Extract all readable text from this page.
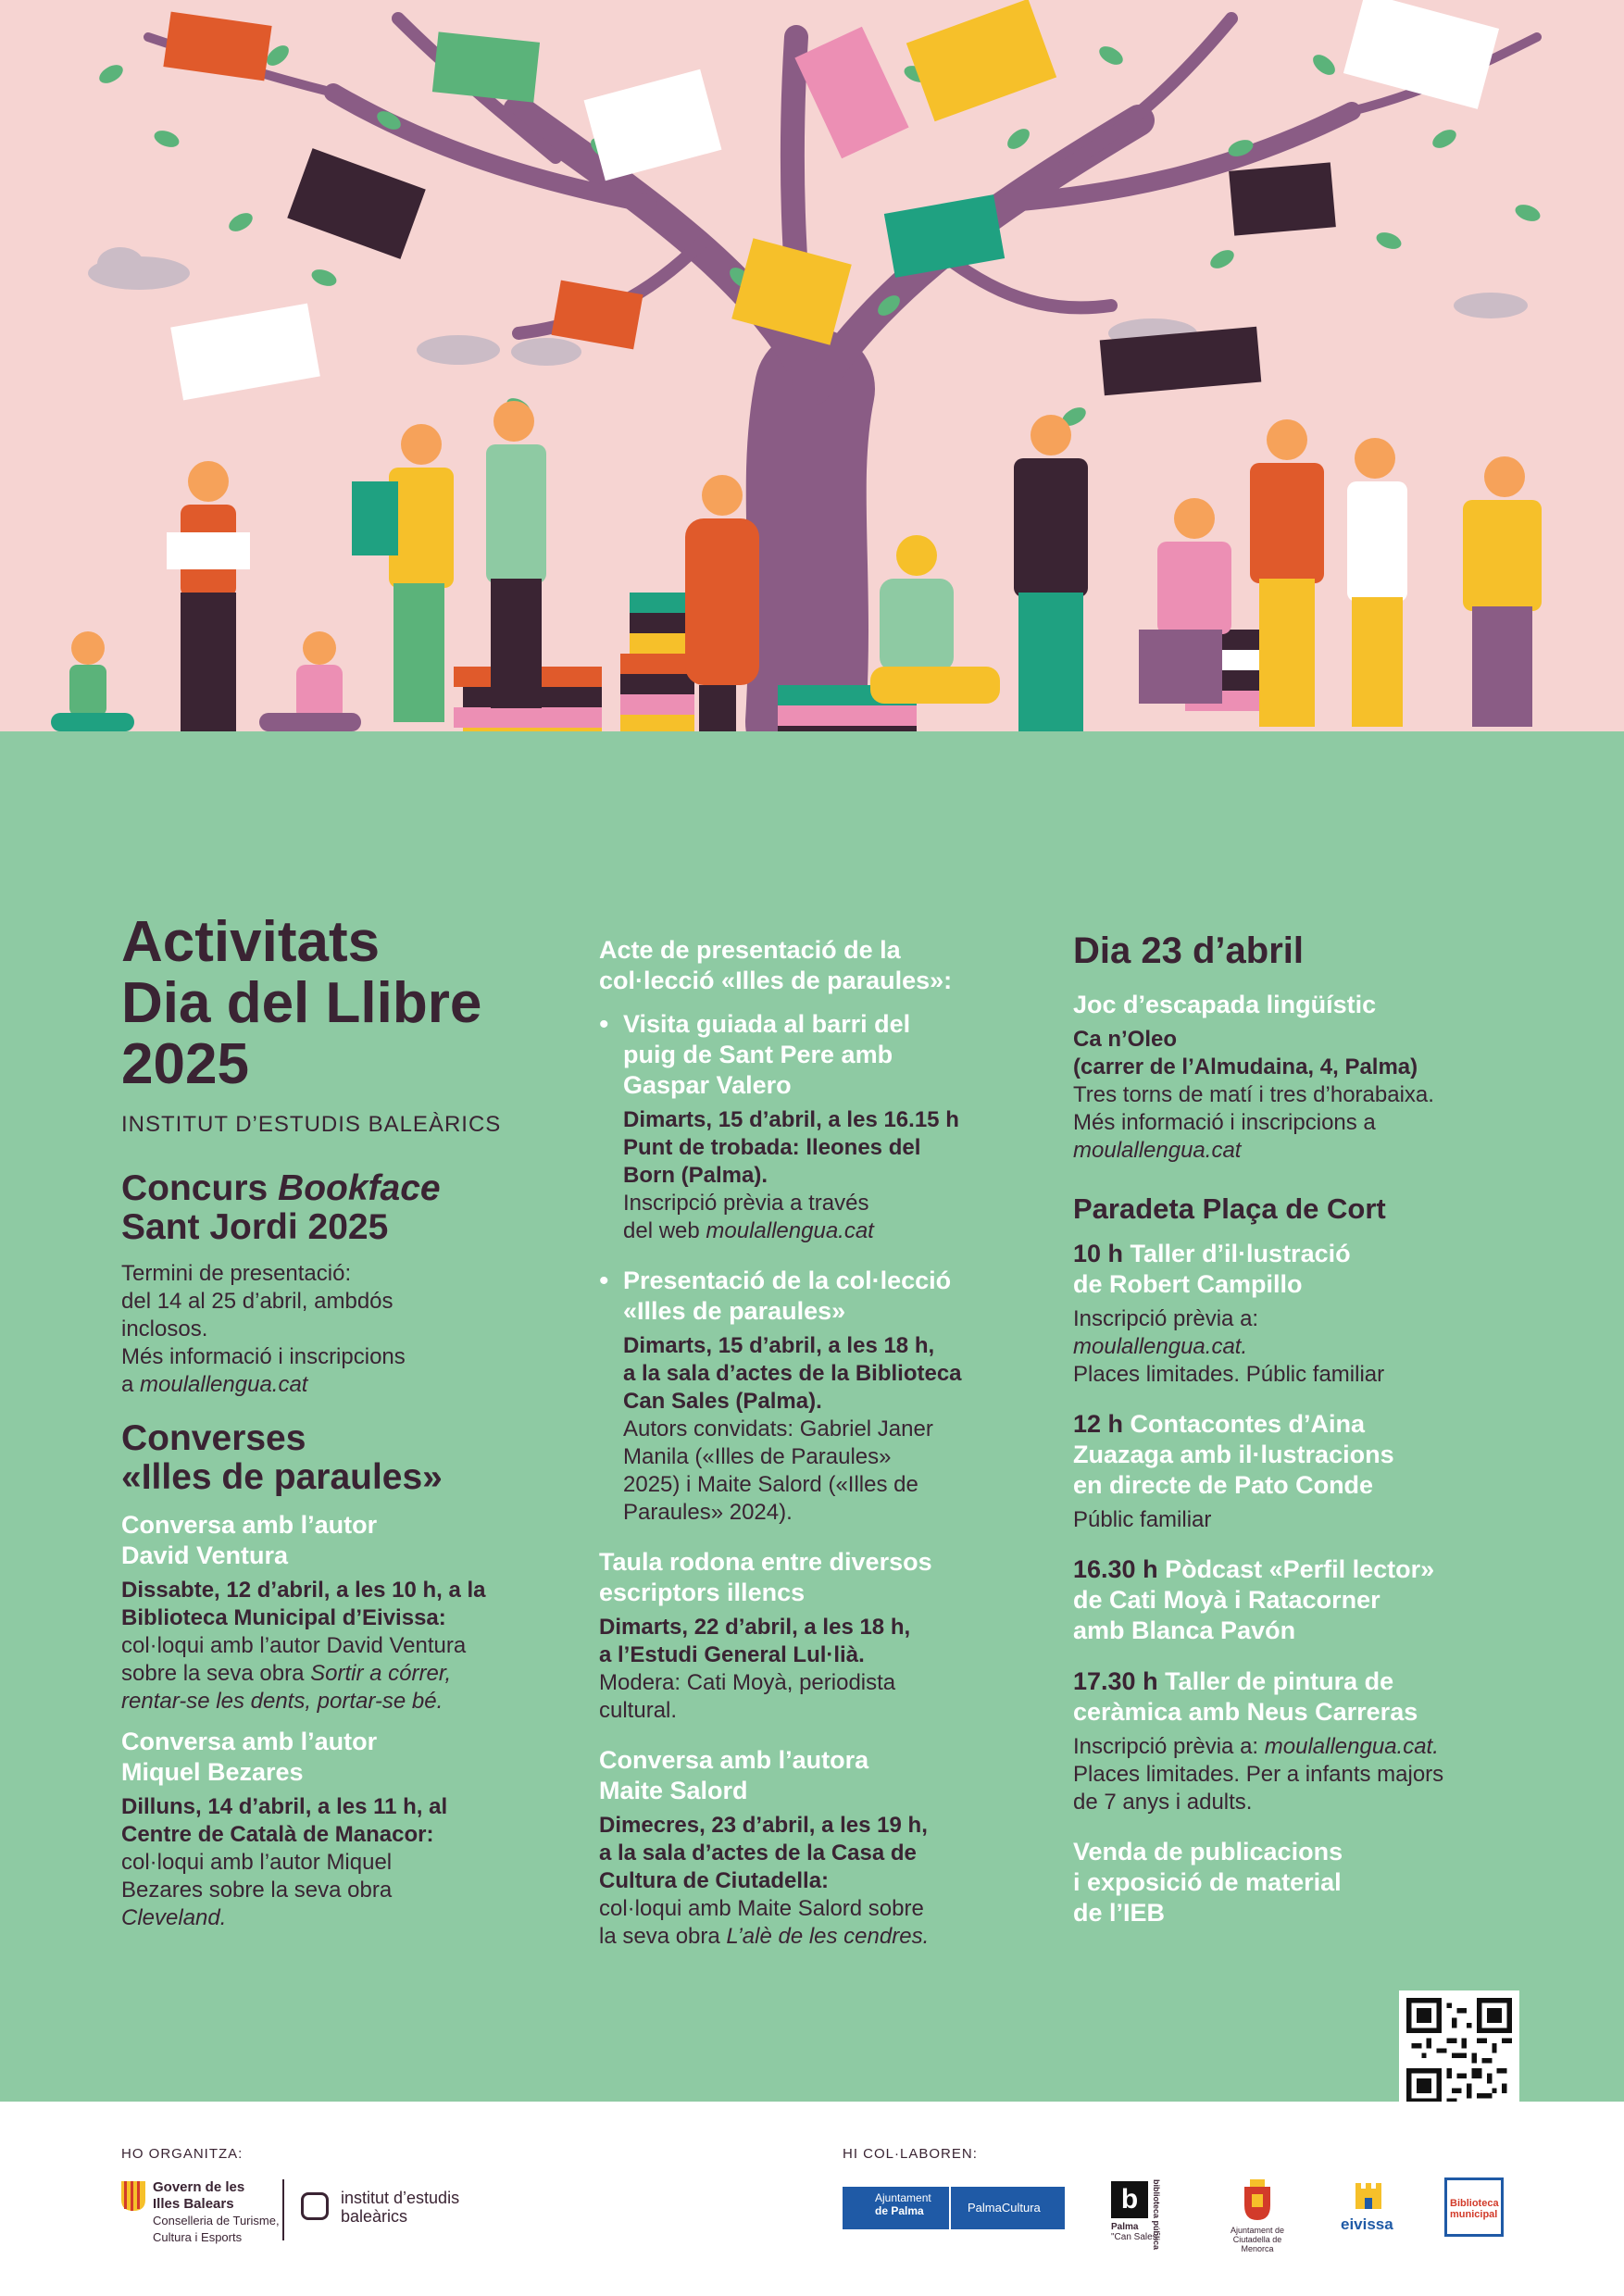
Activitats
Dia del Llibre
2025
INSTITUT D’ESTUDIS BALEÀRICS
Concurs Bookface
Sant Jordi 2025
Termini de presentació:
del 14 al 25 d’abril, ambdós
inclosos.
Més informació i inscripcions
a moulallengua.cat
Converses
«Illes de paraules»
Conversa amb l’autor
David Ventura
Dissabte, 12 d’abril, a les 10 h, a la
Biblioteca Municipal d’Eivissa:
col·loqui amb l’autor David Ventura
sobre la seva obra Sortir a córrer,
rentar-se les dents, portar-se bé.
Conversa amb l’autor
Miquel Bezares
Dilluns, 14 d’abril, a les 11 h, al
Centre de Català de Manacor:
col·loqui amb l’autor Miquel
Bezares sobre la seva obra
Cleveland.
Acte de presentació de la
col·lecció «Illes de paraules»:
• Visita guiada al barri del
puig de Sant Pere amb
Gaspar Valero
Dimarts, 15 d’abril, a les 16.15 h
Punt de trobada: lleones del
Born (Palma).
Inscripció prèvia a través
del web moulallengua.cat
• Presentació de la col·lecció
«Illes de paraules»
Dimarts, 15 d’abril, a les 18 h,
a la sala d’actes de la Biblioteca
Can Sales (Palma).
Autors convidats: Gabriel Janer
Manila («Illes de Paraules»
2025) i Maite Salord («Illes de
Paraules» 2024).
Taula rodona entre diversos
escriptors illencs
Dimarts, 22 d’abril, a les 18 h,
a l’Estudi General Lul·lià.
Modera: Cati Moyà, periodista
cultural.
Conversa amb l’autora
Maite Salord
Dimecres, 23 d’abril, a les 19 h,
a la sala d’actes de la Casa de
Cultura de Ciutadella:
col·loqui amb Maite Salord sobre
la seva obra L’alè de les cendres.
Dia 23 d’abril
Joc d’escapada lingüístic
Ca n’Oleo
(carrer de l’Almudaina, 4, Palma)
Tres torns de matí i tres d’horabaixa.
Més informació i inscripcions a
moulallengua.cat
Paradeta Plaça de Cort
10 h Taller d’il·lustració
de Robert Campillo
Inscripció prèvia a:
moulallengua.cat.
Places limitades. Públic familiar
12 h Contacontes d’Aina
Zuazaga amb il·lustracions
en directe de Pato Conde
Públic familiar
16.30 h Pòdcast «Perfil lector»
de Cati Moyà i Ratacorner
amb Blanca Pavón
17.30 h Taller de pintura de
ceràmica amb Neus Carreras
Inscripció prèvia a: moulallengua.cat.
Places limitades. Per a infants majors
de 7 anys i adults.
Venda de publicacions
i exposició de material
de l’IEB
HO ORGANITZA:	HI COL·LABOREN:
Govern de les
Illes Balears
Conselleria de Turisme,
Cultura i Esports
institut d’estudis
baleàrics
Ajuntament
de Palma	PalmaCultura	b	biblioteca pública
Palma
"Can Sales"
Ajuntament de
Ciutadella de Menorca
eivissa
Biblioteca
municipal
